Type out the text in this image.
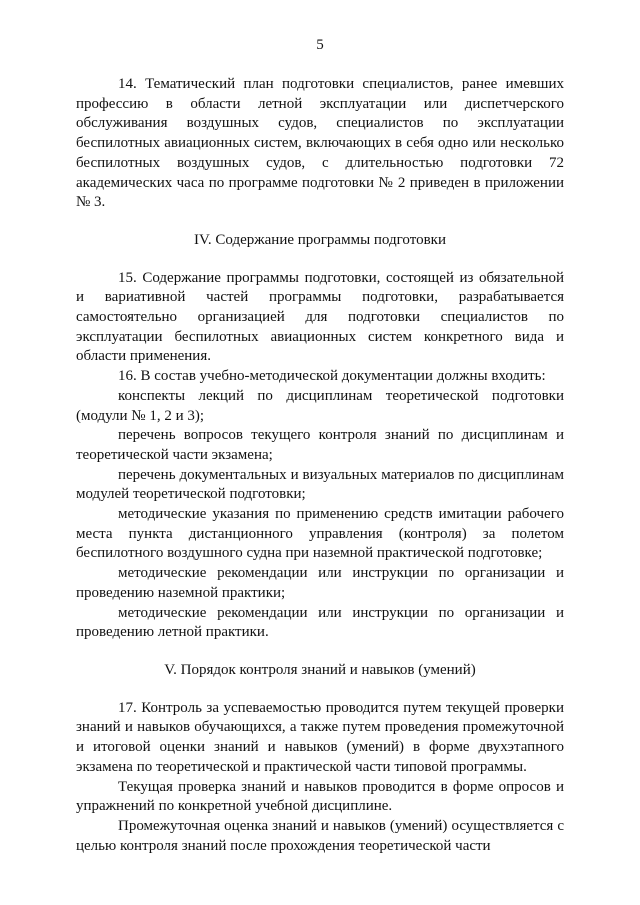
5

14. Тематический план подготовки специалистов, ранее имевших профессию в области летной эксплуатации или диспетчерского обслуживания воздушных судов, специалистов по эксплуатации беспилотных авиационных систем, включающих в себя одно или несколько беспилотных воздушных судов, с длительностью подготовки 72 академических часа по программе подготовки № 2 приведен в приложении № 3.

IV. Содержание программы подготовки

15. Содержание программы подготовки, состоящей из обязательной и вариативной частей программы подготовки, разрабатывается самостоятельно организацией для подготовки специалистов по эксплуатации беспилотных авиационных систем конкретного вида и области применения.

16. В состав учебно-методической документации должны входить:

конспекты лекций по дисциплинам теоретической подготовки (модули № 1, 2 и 3);

перечень вопросов текущего контроля знаний по дисциплинам и теоретической части экзамена;

перечень документальных и визуальных материалов по дисциплинам модулей теоретической подготовки;

методические указания по применению средств имитации рабочего места пункта дистанционного управления (контроля) за полетом беспилотного воздушного судна при наземной практической подготовке;

методические рекомендации или инструкции по организации и проведению наземной практики;

методические рекомендации или инструкции по организации и проведению летной практики.

V. Порядок контроля знаний и навыков (умений)

17. Контроль за успеваемостью проводится путем текущей проверки знаний и навыков обучающихся, а также путем проведения промежуточной и итоговой оценки знаний и навыков (умений) в форме двухэтапного экзамена по теоретической и практической части типовой программы.

Текущая проверка знаний и навыков проводится в форме опросов и упражнений по конкретной учебной дисциплине.

Промежуточная оценка знаний и навыков (умений) осуществляется с целью контроля знаний после прохождения теоретической части
